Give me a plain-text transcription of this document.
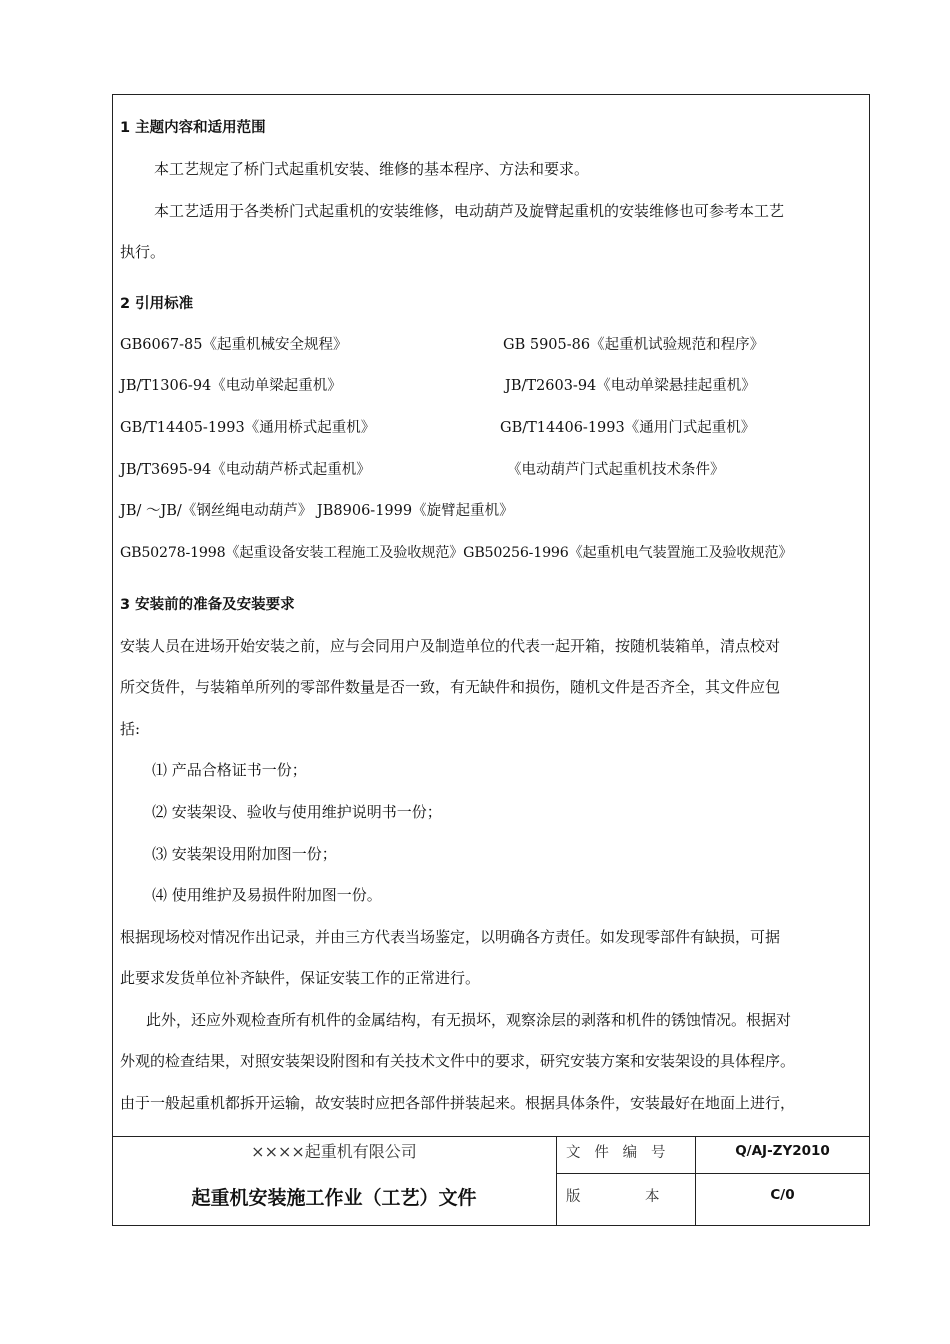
1 主题内容和适用范围
本工艺规定了桥门式起重机安装、维修的基本程序、方法和要求。
本工艺适用于各类桥门式起重机的安装维修，电动葫芦及旋臂起重机的安装维修也可参考本工艺
执行。
2 引用标准
GB6067-85《起重机械安全规程》	GB 5905-86《起重机试验规范和程序》
JB/T1306-94《电动单梁起重机》	JB/T2603-94《电动单梁悬挂起重机》
GB/T14405-1993《通用桥式起重机》	GB/T14406-1993《通用门式起重机》
JB/T3695-94《电动葫芦桥式起重机》	《电动葫芦门式起重机技术条件》
JB/ ～JB/《钢丝绳电动葫芦》 JB8906-1999《旋臂起重机》
GB50278-1998《起重设备安装工程施工及验收规范》GB50256-1996《起重机电气装置施工及验收规范》
3 安装前的准备及安装要求
安装人员在进场开始安装之前，应与会同用户及制造单位的代表一起开箱，按随机装箱单，清点校对
所交货件，与装箱单所列的零部件数量是否一致，有无缺件和损伤，随机文件是否齐全，其文件应包
括:
⑴ 产品合格证书一份；
⑵ 安装架设、验收与使用维护说明书一份；
⑶ 安装架设用附加图一份；
⑷ 使用维护及易损件附加图一份。
根据现场校对情况作出记录，并由三方代表当场鉴定，以明确各方责任。如发现零部件有缺损，可据
此要求发货单位补齐缺件，保证安装工作的正常进行。
此外，还应外观检查所有机件的金属结构，有无损坏，观察涂层的剥落和机件的锈蚀情况。根据对
外观的检查结果，对照安装架设附图和有关技术文件中的要求，研究安装方案和安装架设的具体程序。
由于一般起重机都拆开运输，故安装时应把各部件拼装起来。根据具体条件，安装最好在地面上进行，
××××起重机有限公司
起重机安装施工作业（工艺）文件
文   件   编   号	Q/AJ-ZY2010
版              本	C/0
